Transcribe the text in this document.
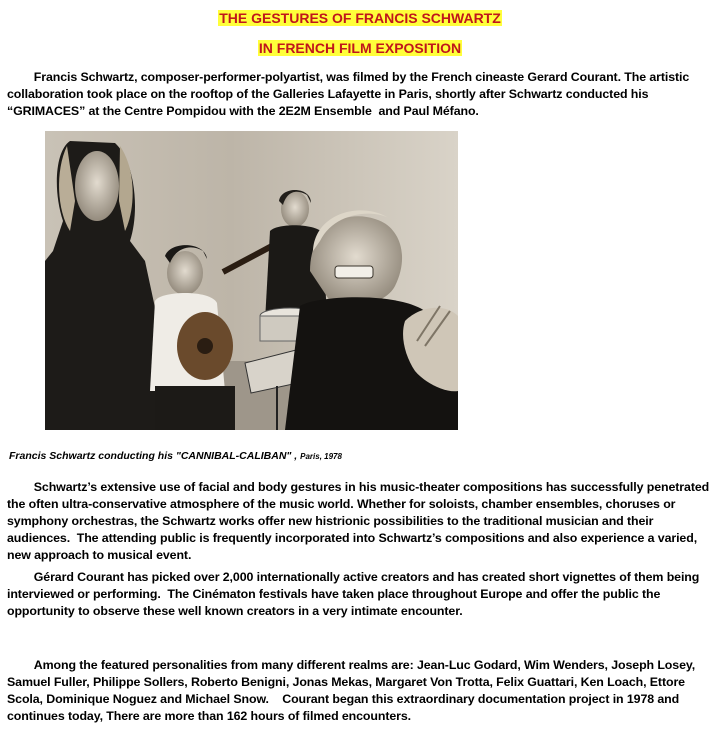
THE GESTURES OF FRANCIS SCHWARTZ
IN FRENCH FILM EXPOSITION
Francis Schwartz, composer-performer-polyartist, was filmed by the French cineaste Gerard Courant. The artistic collaboration took place on the rooftop of the Galleries Lafayette in Paris, shortly after Schwartz conducted his “GRIMACES” at the Centre Pompidou with the 2E2M Ensemble  and Paul Méfano.
Francis Schwartz conducting his "CANNIBAL-CALIBAN" , Paris, 1978
Schwartz’s extensive use of facial and body gestures in his music-theater compositions has successfully penetrated the often ultra-conservative atmosphere of the music world. Whether for soloists, chamber ensembles, choruses or symphony orchestras, the Schwartz works offer new histrionic possibilities to the traditional musician and their audiences.  The attending public is frequently incorporated into Schwartz’s compositions and also experience a varied, new approach to musical event.
Gérard Courant has picked over 2,000 internationally active creators and has created short vignettes of them being interviewed or performing.  The Cinématon festivals have taken place throughout Europe and offer the public the opportunity to observe these well known creators in a very intimate encounter.
Among the featured personalities from many different realms are: Jean-Luc Godard, Wim Wenders, Joseph Losey, Samuel Fuller, Philippe Sollers, Roberto Benigni, Jonas Mekas, Margaret Von Trotta, Felix Guattari, Ken Loach, Ettore Scola, Dominique Noguez and Michael Snow.    Courant began this extraordinary documentation project in 1978 and continues today, There are more than 162 hours of filmed encounters.
